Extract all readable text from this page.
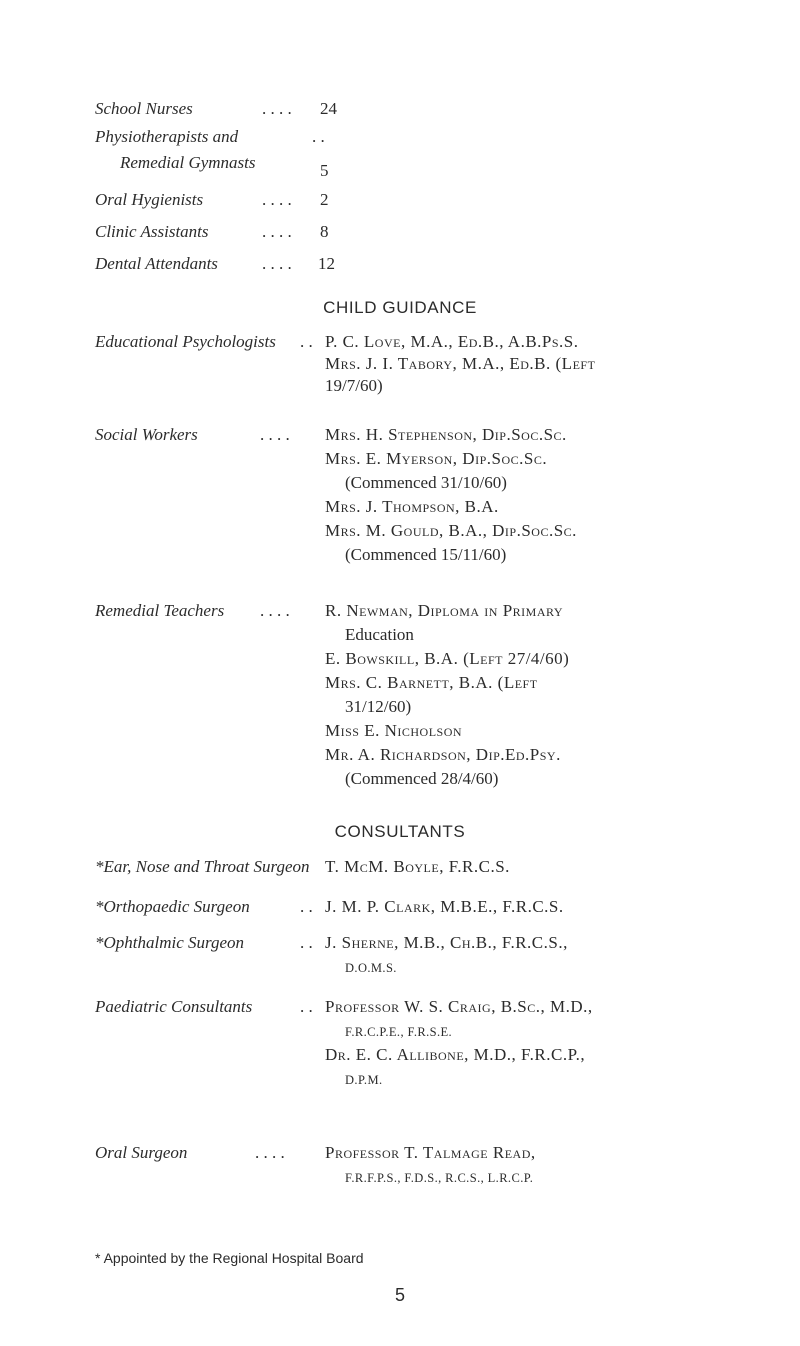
School Nurses	. . . . 24
Physiotherapists and	. .
Remedial Gymnasts	5
Oral Hygienists	. . . . 2
Clinic Assistants	. . . . 8
Dental Attendants	. . . . 12
CHILD GUIDANCE
Educational Psychologists . . P. C. Love, M.A., Ed.B., A.B.Ps.S.
Mrs. J. I. Tabory, M.A., Ed.B. (Left
19/7/60)
Social Workers	. . . . Mrs. H. Stephenson, Dip.Soc.Sc.
Mrs. E. Myerson, Dip.Soc.Sc.
(Commenced 31/10/60)
Mrs. J. Thompson, B.A.
Mrs. M. Gould, B.A., Dip.Soc.Sc.
(Commenced 15/11/60)
Remedial Teachers . . . . R. Newman, Diploma in Primary
Education
E. Bowskill, B.A. (Left 27/4/60)
Mrs. C. Barnett, B.A. (Left
31/12/60)
Miss E. Nicholson
Mr. A. Richardson, Dip.Ed.Psy.
(Commenced 28/4/60)
CONSULTANTS
*Ear, Nose and Throat Surgeon T. McM. Boyle, F.R.C.S.
*Orthopaedic Surgeon	. . J. M. P. Clark, M.B.E., F.R.C.S.
*Ophthalmic Surgeon	. . J. Sherne, M.B., Ch.B., F.R.C.S.,
D.O.M.S.
Paediatric Consultants	. . Professor W. S. Craig, B.Sc., M.D.,
F.R.C.P.E., F.R.S.E.
Dr. E. C. Allibone, M.D., F.R.C.P.,
D.P.M.
Oral Surgeon	. . . . Professor T. Talmage Read,
F.R.F.P.S., F.D.S., R.C.S., L.R.C.P.
* Appointed by the Regional Hospital Board
5
